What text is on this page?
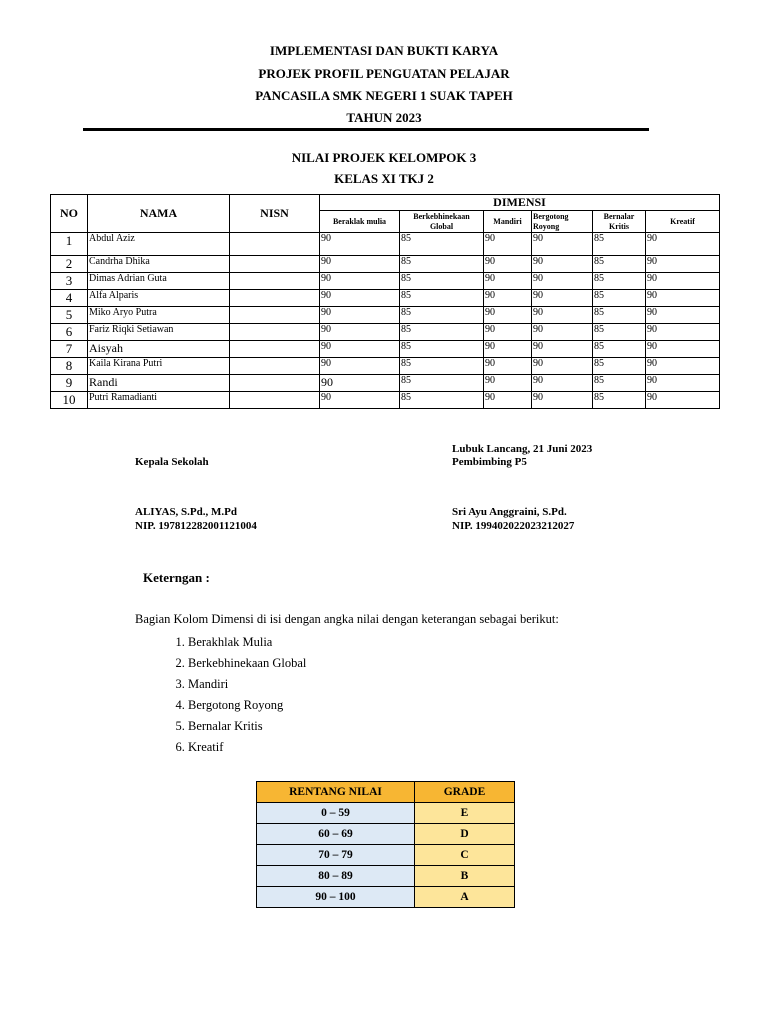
IMPLEMENTASI DAN BUKTI KARYA
PROJEK PROFIL PENGUATAN PELAJAR
PANCASILA SMK NEGERI 1 SUAK TAPEH
TAHUN 2023
NILAI PROJEK KELOMPOK 3
KELAS XI TKJ 2
NO	NAMA	NISN	DIMENSI					
			Beraklak mulia	Berkebhinekaan Global	Mandiri	Bergotong Royong	Bernalar Kritis	Kreatif
1	Abdul Aziz		90	85	90	90	85	90
2	Candrha Dhika		90	85	90	90	85	90
3	Dimas Adrian Guta		90	85	90	90	85	90
4	Alfa Alparis		90	85	90	90	85	90
5	Miko Aryo Putra		90	85	90	90	85	90
6	Fariz Riqki Setiawan		90	85	90	90	85	90
7	Aisyah		90	85	90	90	85	90
8	Kaila Kirana Putri		90	85	90	90	85	90
9	Randi		90	85	90	90	85	90
10	Putri Ramadianti		90	85	90	90	85	90
Lubuk Lancang, 21 Juni 2023
Kepala Sekolah	Pembimbing P5
ALIYAS, S.Pd., M.Pd
NIP. 197812282001121004
Sri Ayu Anggraini, S.Pd.
NIP. 199402022023212027
Keterngan :
Bagian Kolom Dimensi di isi dengan angka nilai dengan keterangan sebagai berikut:
1. Berakhlak Mulia
2. Berkebhinekaan Global
3. Mandiri
4. Bergotong Royong
5. Bernalar Kritis
6. Kreatif
RENTANG NILAI	GRADE
0 – 59	E
60 – 69	D
70 – 79	C
80 – 89	B
90 – 100	A
